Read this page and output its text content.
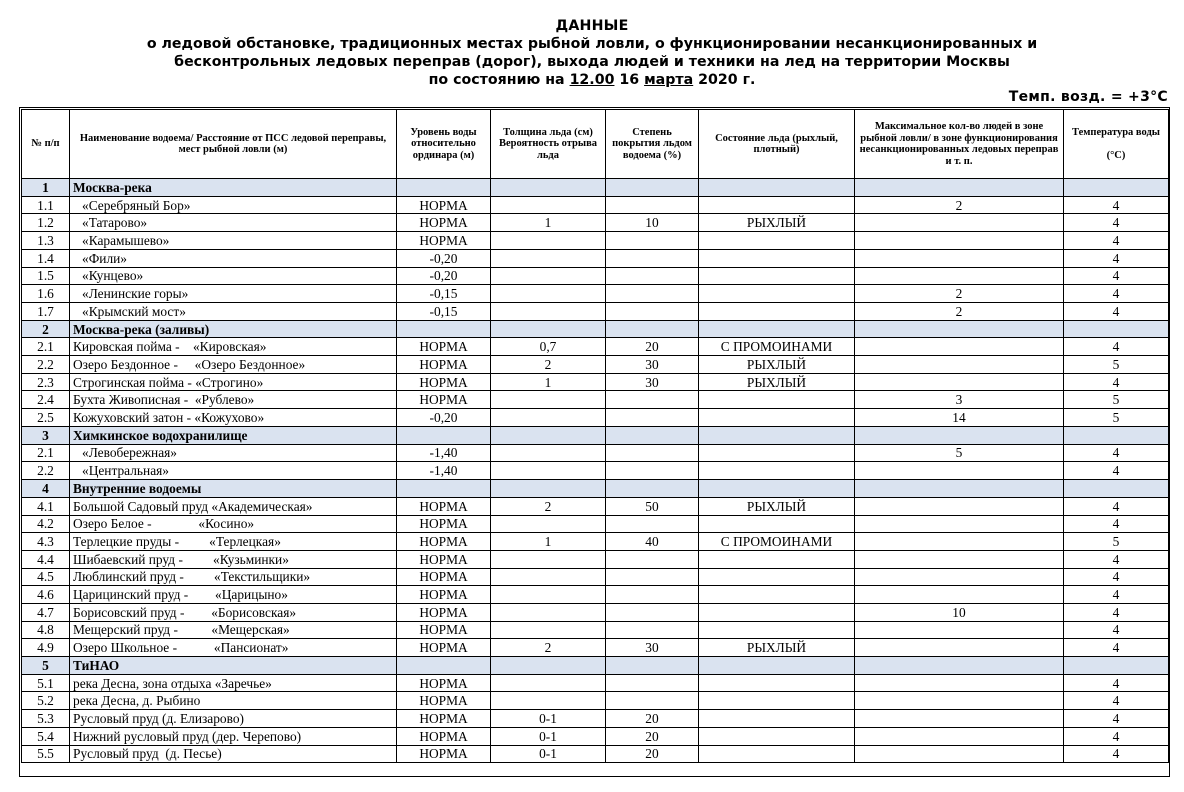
ДАННЫЕ
о ледовой обстановке, традиционных местах рыбной ловли, о функционировании несанкционированных и
бесконтрольных ледовых переправ (дорог), выхода людей и техники на лед на территории Москвы
по состоянию на 12.00 16 марта 2020 г.
Темп. возд. = +3°С
№ п/п	Наименование водоема/ Расстояние от ПСС ледовой переправы, мест рыбной ловли (м)	Уровень воды относительно ординара (м)	Толщина льда (см) Вероятность отрыва льда	Степень покрытия льдом водоема (%)	Состояние льда (рыхлый, плотный)	Максимальное кол-во людей в зоне рыбной ловли/ в зоне функционирования несанкционированных ледовых переправ и т. п.	Температура воды

(°С)
1	Москва-река						
1.1	«Серебряный Бор»	НОРМА				2	4
1.2	«Татарово»	НОРМА	1	10	РЫХЛЫЙ		4
1.3	«Карамышево»	НОРМА					4
1.4	«Фили»	-0,20					4
1.5	«Кунцево»	-0,20					4
1.6	«Ленинские горы»	-0,15				2	4
1.7	«Крымский мост»	-0,15				2	4
2	Москва-река (заливы)						
2.1	Кировская пойма -    «Кировская»	НОРМА	0,7	20	С ПРОМОИНАМИ		4
2.2	Озеро Бездонное -     «Озеро Бездонное»	НОРМА	2	30	РЫХЛЫЙ		5
2.3	Строгинская пойма - «Строгино»	НОРМА	1	30	РЫХЛЫЙ		4
2.4	Бухта Живописная -  «Рублево»	НОРМА				3	5
2.5	Кожуховский затон - «Кожухово»	-0,20				14	5
3	Химкинское водохранилище						
2.1	«Левобережная»	-1,40				5	4
2.2	«Центральная»	-1,40					4
4	Внутренние водоемы						
4.1	Большой Садовый пруд «Академическая»	НОРМА	2	50	РЫХЛЫЙ		4
4.2	Озеро Белое -              «Косино»	НОРМА					4
4.3	Терлецкие пруды -         «Терлецкая»	НОРМА	1	40	С ПРОМОИНАМИ		5
4.4	Шибаевский пруд -         «Кузьминки»	НОРМА					4
4.5	Люблинский пруд -         «Текстильщики»	НОРМА					4
4.6	Царицинский пруд -        «Царицыно»	НОРМА					4
4.7	Борисовский пруд -        «Борисовская»	НОРМА				10	4
4.8	Мещерский пруд -          «Мещерская»	НОРМА					4
4.9	Озеро Школьное -           «Пансионат»	НОРМА	2	30	РЫХЛЫЙ		4
5	ТиНАО						
5.1	река Десна, зона отдыха «Заречье»	НОРМА					4
5.2	река Десна, д. Рыбино	НОРМА					4
5.3	Русловый пруд (д. Елизарово)	НОРМА	0-1	20			4
5.4	Нижний русловый пруд (дер. Черепово)	НОРМА	0-1	20			4
5.5	Русловый пруд  (д. Песье)	НОРМА	0-1	20			4
